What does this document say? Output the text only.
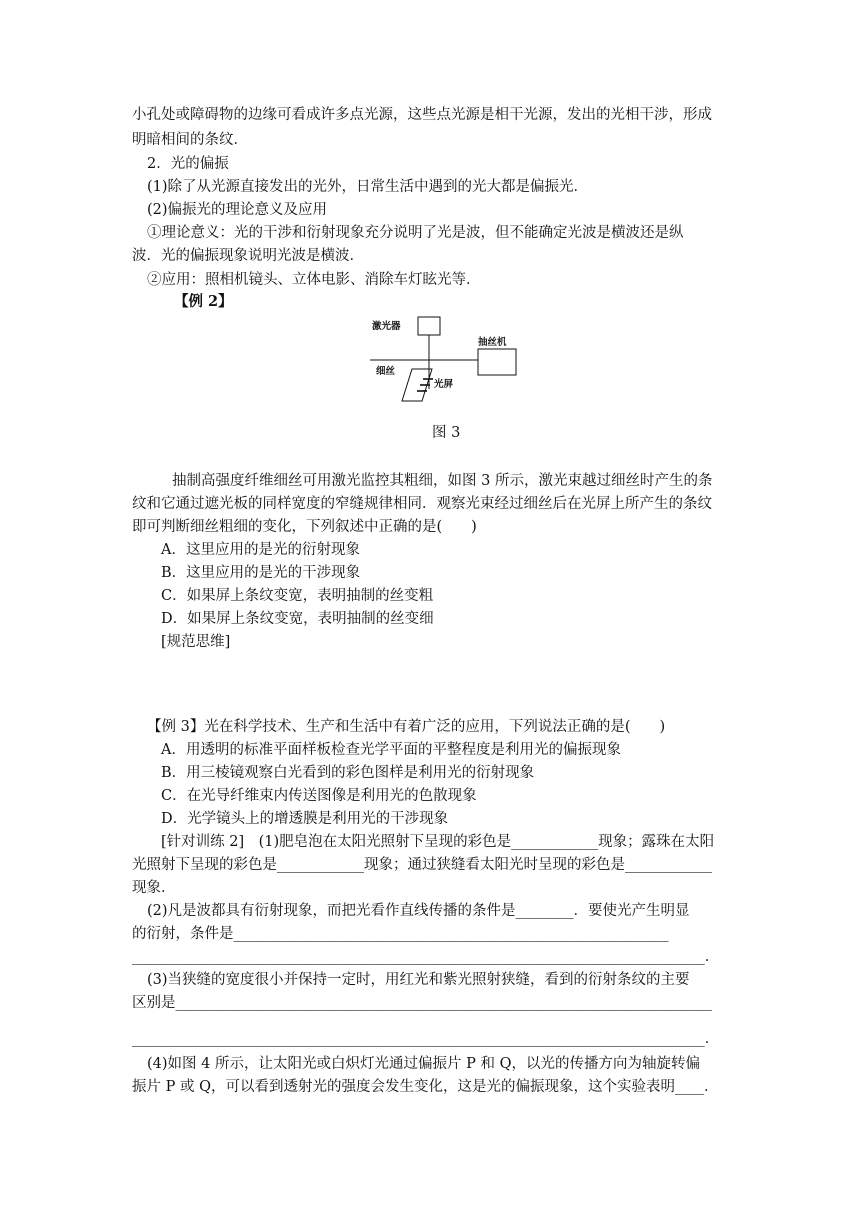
小孔处或障碍物的边缘可看成许多点光源，这些点光源是相干光源，发出的光相干涉，形成
明暗相间的条纹．
2．光的偏振
(1)除了从光源直接发出的光外，日常生活中遇到的光大都是偏振光．
(2)偏振光的理论意义及应用
①理论意义：光的干涉和衍射现象充分说明了光是波，但不能确定光波是横波还是纵
波．光的偏振现象说明光波是横波．
②应用：照相机镜头、立体电影、消除车灯眩光等．
【例 2】
激光器
抽丝机
细丝
光屏
图 3
抽制高强度纤维细丝可用激光监控其粗细，如图 3 所示，激光束越过细丝时产生的条
纹和它通过遮光板的同样宽度的窄缝规律相同．观察光束经过细丝后在光屏上所产生的条纹
即可判断细丝粗细的变化，下列叙述中正确的是(　　)
A．这里应用的是光的衍射现象
B．这里应用的是光的干涉现象
C．如果屏上条纹变宽，表明抽制的丝变粗
D．如果屏上条纹变宽，表明抽制的丝变细
[规范思维]
【例 3】光在科学技术、生产和生活中有着广泛的应用，下列说法正确的是(　　)
A．用透明的标准平面样板检查光学平面的平整程度是利用光的偏振现象
B．用三棱镜观察白光看到的彩色图样是利用光的衍射现象
C．在光导纤维束内传送图像是利用光的色散现象
D．光学镜头上的增透膜是利用光的干涉现象
[针对训练 2]　(1)肥皂泡在太阳光照射下呈现的彩色是____________现象；露珠在太阳
光照射下呈现的彩色是____________现象；通过狭缝看太阳光时呈现的彩色是____________
现象．
(2)凡是波都具有衍射现象，而把光看作直线传播的条件是________．要使光产生明显
的衍射，条件是____________________________________________________________
_______________________________________________________________________________．
(3)当狭缝的宽度很小并保持一定时，用红光和紫光照射狭缝，看到的衍射条纹的主要
区别是__________________________________________________________________________
_______________________________________________________________________________．
(4)如图 4 所示，让太阳光或白炽灯光通过偏振片 P 和 Q，以光的传播方向为轴旋转偏
振片 P 或 Q，可以看到透射光的强度会发生变化，这是光的偏振现象，这个实验表明____．
